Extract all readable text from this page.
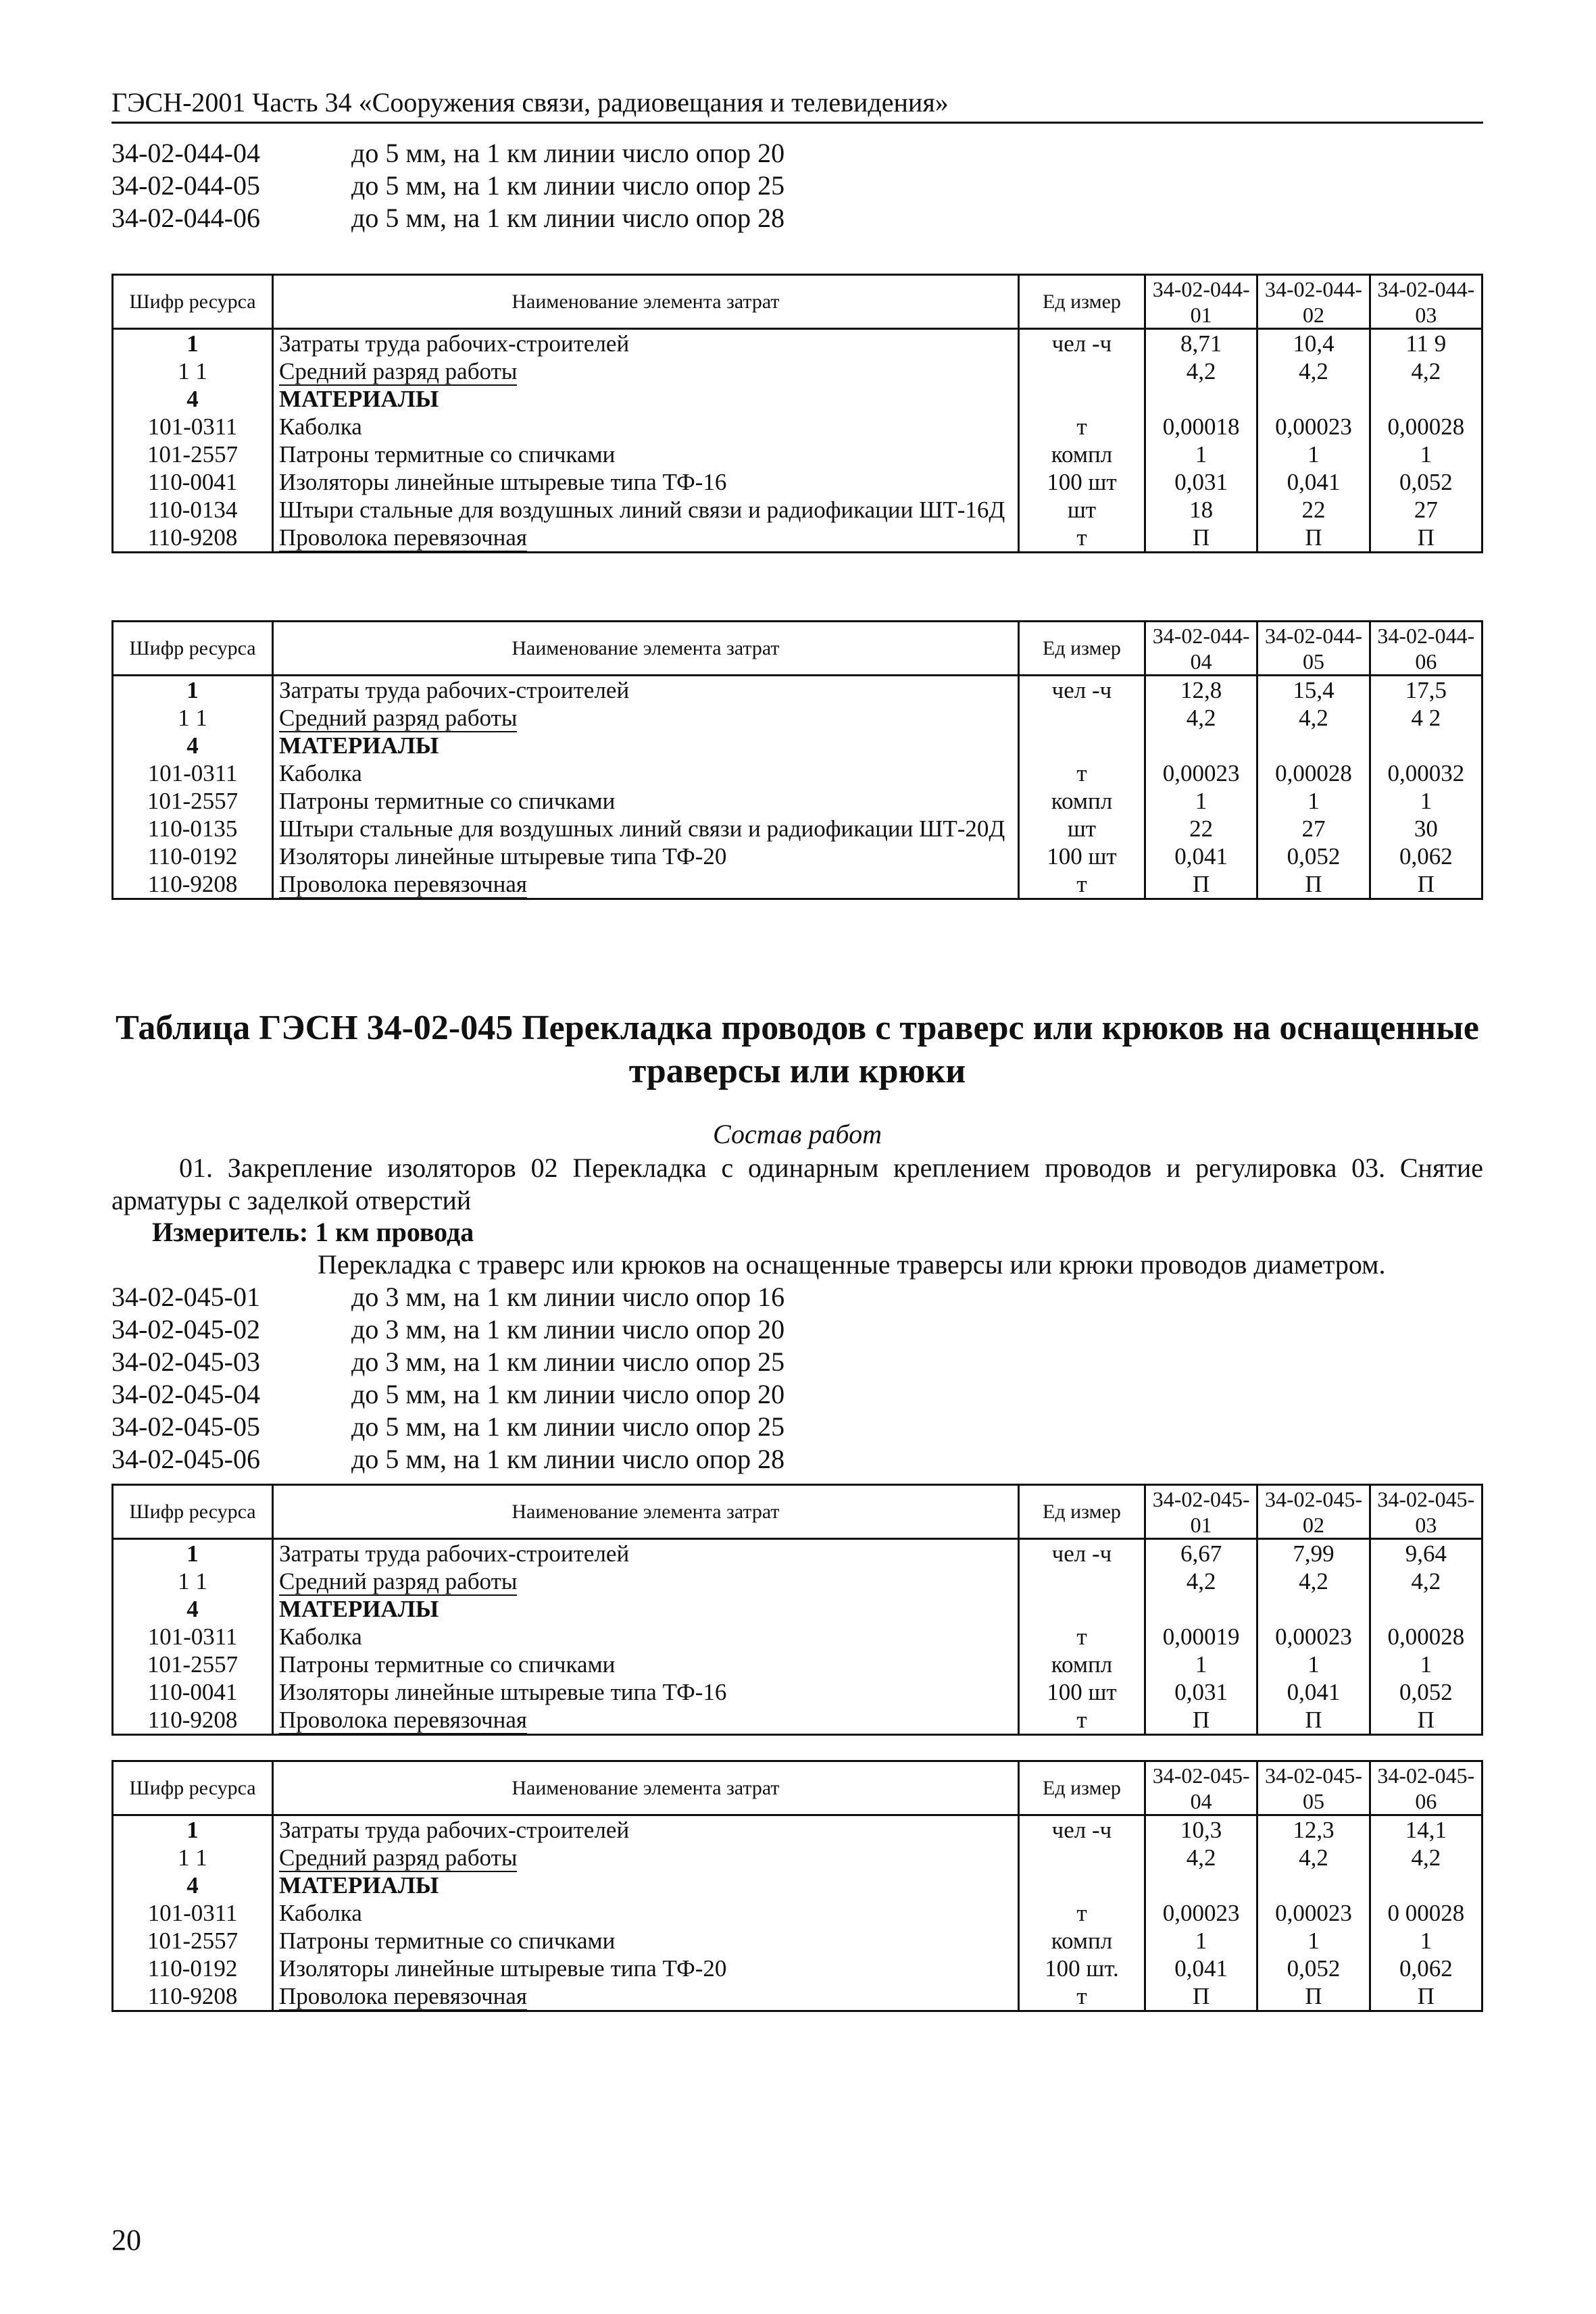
ГЭСН-2001 Часть 34 «Сооружения связи, радиовещания и телевидения»
34-02-044-04	до 5 мм, на 1 км линии число опор 20
34-02-044-05	до 5 мм, на 1 км линии число опор 25
34-02-044-06	до 5 мм, на 1 км линии число опор 28
Шифр ресурса	Наименование элемента затрат	Ед измер	34-02-044-01	34-02-044-02	34-02-044-03
1	Затраты труда рабочих-строителей	чел -ч	8,71	10,4	11 9
1 1	Средний разряд работы		4,2	4,2	4,2
4	МАТЕРИАЛЫ				
101-0311	Каболка	т	0,00018	0,00023	0,00028
101-2557	Патроны термитные со спичками	компл	1	1	1
110-0041	Изоляторы линейные штыревые типа ТФ-16	100 шт	0,031	0,041	0,052
110-0134	Штыри стальные для воздушных линий связи и радиофикации ШТ-16Д	шт	18	22	27
110-9208	Проволока перевязочная	т	П	П	П
Шифр ресурса	Наименование элемента затрат	Ед измер	34-02-044-04	34-02-044-05	34-02-044-06
1	Затраты труда рабочих-строителей	чел -ч	12,8	15,4	17,5
1 1	Средний разряд работы		4,2	4,2	4 2
4	МАТЕРИАЛЫ				
101-0311	Каболка	т	0,00023	0,00028	0,00032
101-2557	Патроны термитные со спичками	компл	1	1	1
110-0135	Штыри стальные для воздушных линий связи и радиофикации ШТ-20Д	шт	22	27	30
110-0192	Изоляторы линейные штыревые типа ТФ-20	100 шт	0,041	0,052	0,062
110-9208	Проволока перевязочная	т	П	П	П
Таблица ГЭСН 34-02-045 Перекладка проводов с траверс или крюков на оснащенные траверсы или крюки
Состав работ
01. Закрепление изоляторов 02 Перекладка с одинарным креплением проводов и регулировка 03. Снятие арматуры с заделкой отверстий
Измеритель: 1 км провода
Перекладка с траверс или крюков на оснащенные траверсы или крюки проводов диаметром.
34-02-045-01	до 3 мм, на 1 км линии число опор 16
34-02-045-02	до 3 мм, на 1 км линии число опор 20
34-02-045-03	до 3 мм, на 1 км линии число опор 25
34-02-045-04	до 5 мм, на 1 км линии число опор 20
34-02-045-05	до 5 мм, на 1 км линии число опор 25
34-02-045-06	до 5 мм, на 1 км линии число опор 28
Шифр ресурса	Наименование элемента затрат	Ед измер	34-02-045-01	34-02-045-02	34-02-045-03
1	Затраты труда рабочих-строителей	чел -ч	6,67	7,99	9,64
1 1	Средний разряд работы		4,2	4,2	4,2
4	МАТЕРИАЛЫ				
101-0311	Каболка	т	0,00019	0,00023	0,00028
101-2557	Патроны термитные со спичками	компл	1	1	1
110-0041	Изоляторы линейные штыревые типа ТФ-16	100 шт	0,031	0,041	0,052
110-9208	Проволока перевязочная	т	П	П	П
Шифр ресурса	Наименование элемента затрат	Ед измер	34-02-045-04	34-02-045-05	34-02-045-06
1	Затраты труда рабочих-строителей	чел -ч	10,3	12,3	14,1
1 1	Средний разряд работы		4,2	4,2	4,2
4	МАТЕРИАЛЫ				
101-0311	Каболка	т	0,00023	0,00023	0 00028
101-2557	Патроны термитные со спичками	компл	1	1	1
110-0192	Изоляторы линейные штыревые типа ТФ-20	100 шт.	0,041	0,052	0,062
110-9208	Проволока перевязочная	т	П	П	П
20
